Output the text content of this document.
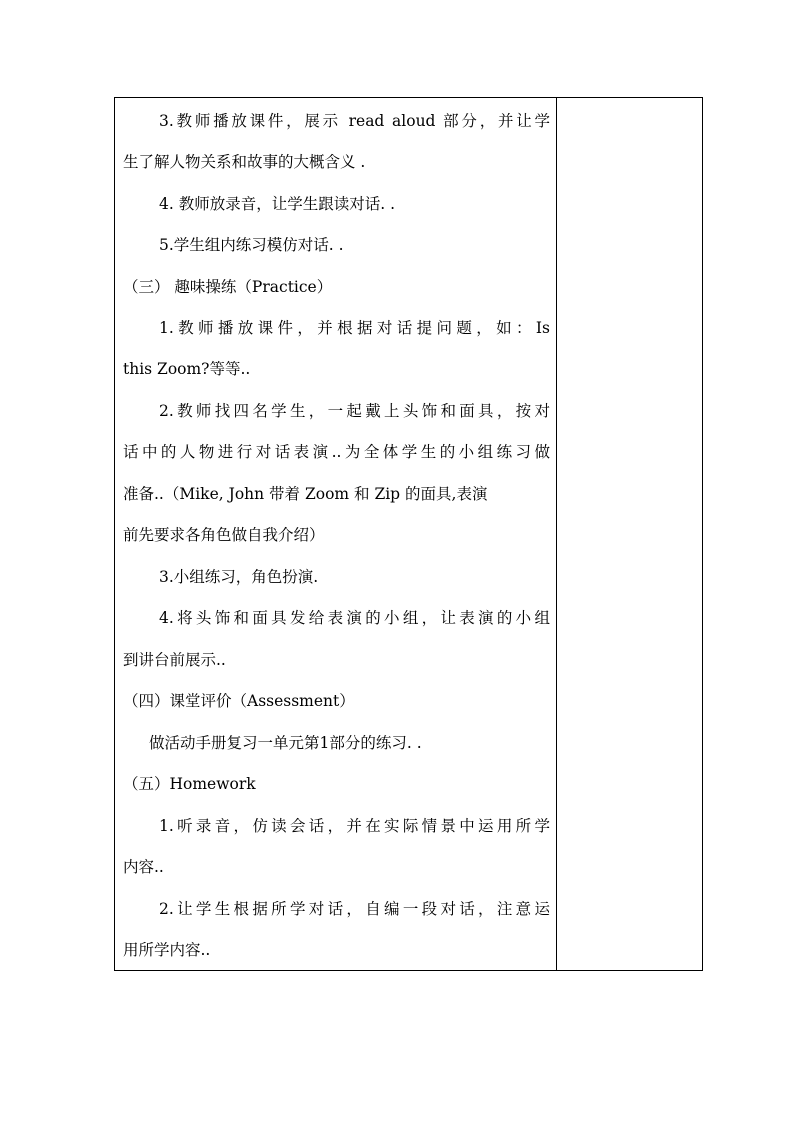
3.教师播放课件，展示 read aloud 部分，并让学
生了解人物关系和故事的大概含义 .
4. 教师放录音，让学生跟读对话. .
5.学生组内练习模仿对话. .
（三） 趣味操练（Practice）
1.教师播放课件，并根据对话提问题，如：Is
this Zoom?等等..
2.教师找四名学生，一起戴上头饰和面具，按对
话中的人物进行对话表演..为全体学生的小组练习做
准备..（Mike, John 带着 Zoom 和 Zip 的面具,表演
前先要求各角色做自我介绍）
3.小组练习，角色扮演.
4.将头饰和面具发给表演的小组，让表演的小组
到讲台前展示..
（四）课堂评价（Assessment）
做活动手册复习一单元第1部分的练习. .
（五）Homework
1.听录音，仿读会话，并在实际情景中运用所学
内容..
2.让学生根据所学对话，自编一段对话，注意运
用所学内容..
